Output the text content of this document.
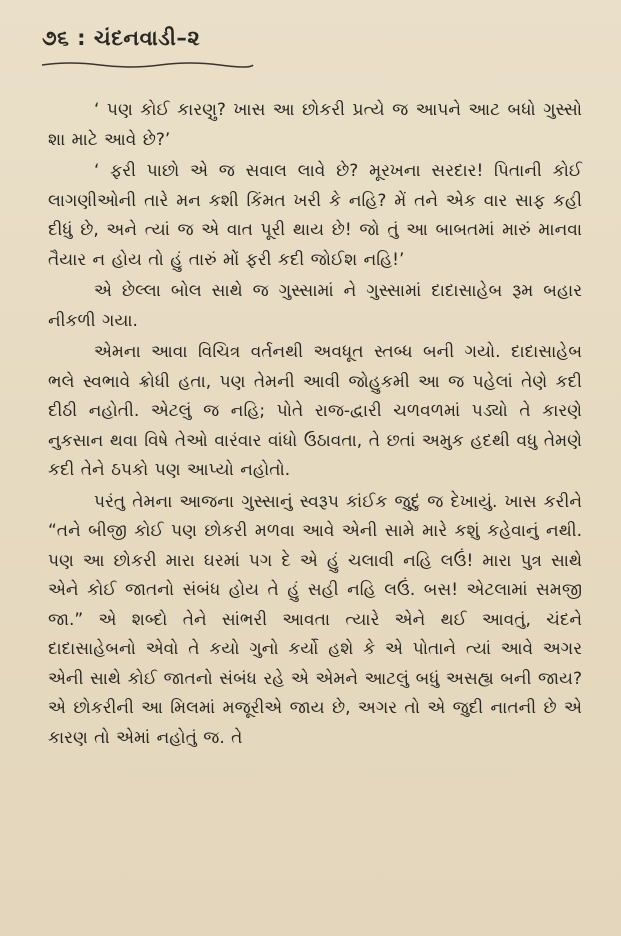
૭૬ : ચંદનવાડી–૨

‘ પણ કોઈ કારણુ? ખાસ આ છોકરી પ્રત્યે જ આપને આટ બધો ગુસ્સો શા માટે આવે છે?’

‘ ફરી પાછો એ જ સવાલ લાવે છે? મૂરખના સરદાર! પિતાની કોઈ લાગણીઓની તારે મન કશી કિંમત ખરી કે નહિ? મેં તને એક વાર સાફ કહી દીધું છે, અને ત્યાં જ એ વાત પૂરી થાય છે! જો તું આ બાબતમાં મારું માનવા તૈયાર ન હોય તો હું તારું મોં ફરી કદી જોઈશ નહિ!’

એ છેલ્લા બોલ સાથે જ ગુસ્સામાં ને ગુસ્સામાં દાદાસાહેબ રૂમ બહાર નીકળી ગયા.

એમના આવા વિચિત્ર વર્તનથી અવધૂત સ્તબ્ધ બની ગયો. દાદાસાહેબ ભલે સ્વભાવે ક્રોધી હતા, પણ તેમની આવી જોહુકમી આ જ પહેલાં તેણે કદી દીઠી નહોતી. એટલું જ નહિ; પોતે રાજ-દ્વારી ચળવળમાં પડ્યો તે કારણે નુકસાન થવા વિષે તેઓ વારંવાર વાંધો ઉઠાવતા, તે છતાં અમુક હદથી વધુ તેમણે કદી તેને ઠપકો પણ આપ્યો નહોતો.

પરંતુ તેમના આજના ગુસ્સાનું સ્વરૂપ કાંઈક જુદું જ દેખાયું. ખાસ કરીને “તને બીજી કોઈ પણ છોકરી મળવા આવે એની સામે મારે કશું કહેવાનું નથી. પણ આ છોકરી મારા ઘરમાં પગ દે એ હું ચલાવી નહિ લઉં! મારા પુત્ર સાથે એને કોઈ જાતનો સંબંધ હોય તે હું સહી નહિ લઉં. બસ! એટલામાં સમજી જા.” એ શબ્દો તેને સાંભરી આવતા ત્યારે એને થઈ આવતું, ચંદને દાદાસાહેબનો એવો તે કયો ગુનો કર્યો હશે કે એ પોતાને ત્યાં આવે અગર એની સાથે કોઈ જાતનો સંબંધ રહે એ એમને આટલું બધું અસહ્ય બની જાય? એ છોકરીની આ મિલમાં મજૂરીએ જાય છે, અગર તો એ જુદી નાતની છે એ કારણ તો એમાં નહોતું જ. તે
